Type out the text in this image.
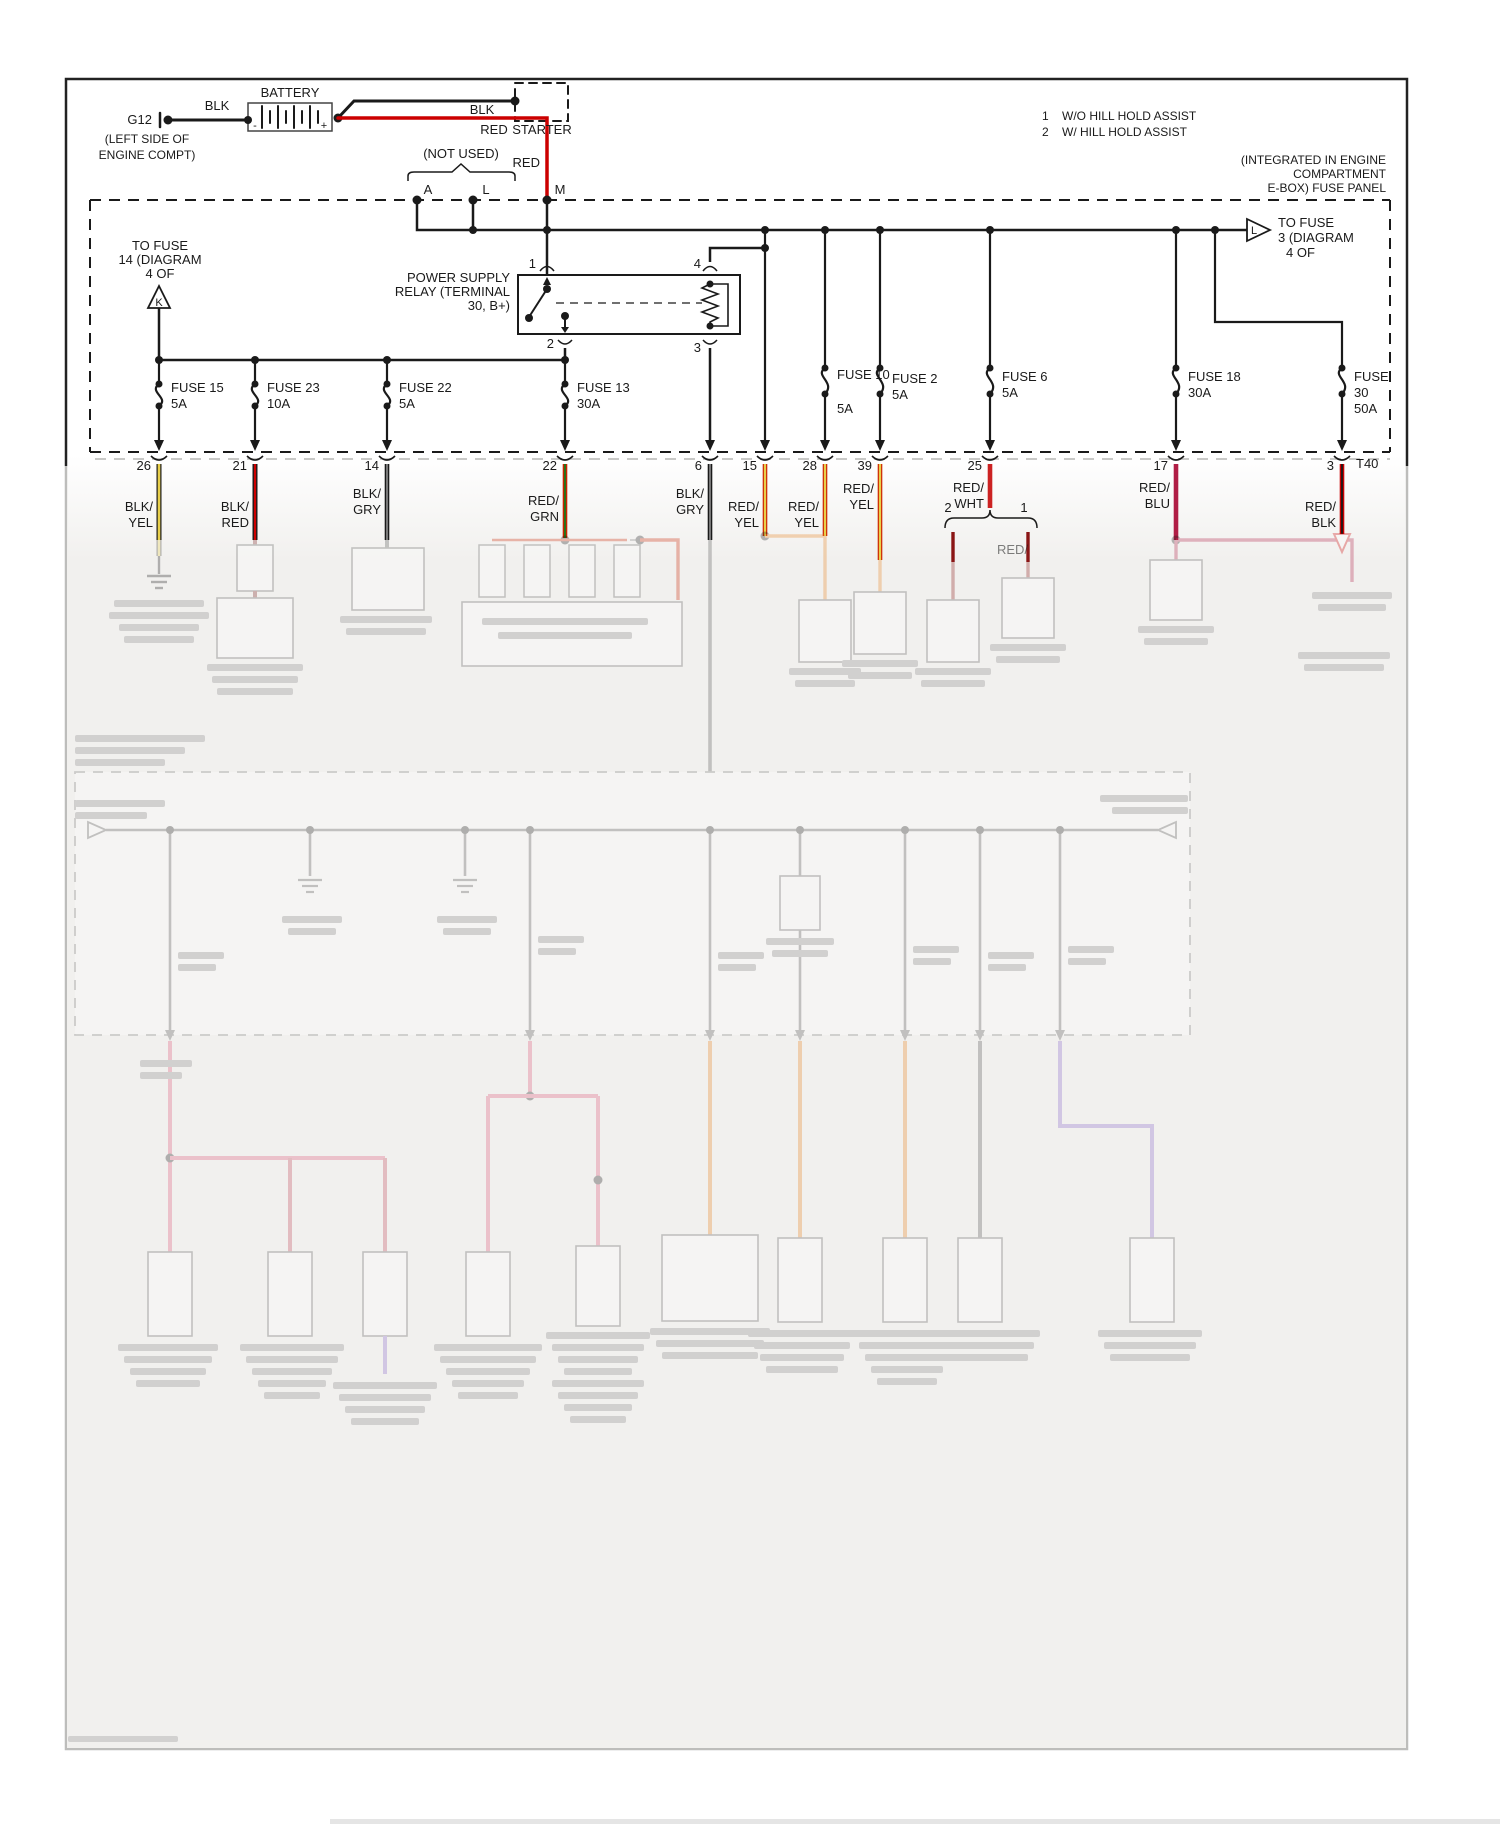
G12
(LEFT SIDE OF
ENGINE COMPT)
BATTERY
+
-
BLK	BLK
RED
RED
STARTER
1 W/O HILL HOLD ASSIST
2 W/ HILL HOLD ASSIST
(INTEGRATED IN ENGINE
COMPARTMENT
E-BOX) FUSE PANEL
(NOT USED)
A	L	M
L
TO FUSE
3 (DIAGRAM
4 OF
TO FUSE
14 (DIAGRAM
4 OF
K
POWER SUPPLY
RELAY (TERMINAL
30, B+)
1	4
2	3
FUSE 15
5A
FUSE 23
10A
FUSE 22
5A
FUSE 13
30A
FUSE 10
5A
FUSE 2
5A
FUSE 6
5A
FUSE 18
30A
FUSE
30
50A
26	21	14	22	6	15	28	39	25	17	3 T40
BLK/
YEL
BLK/
RED
BLK/
GRY
RED/
GRN
BLK/
GRY RED/
YEL
RED/
YEL
RED/
YEL
RED/
WHT
RED/
BLU	RED/
BLK
2	1
RED/
